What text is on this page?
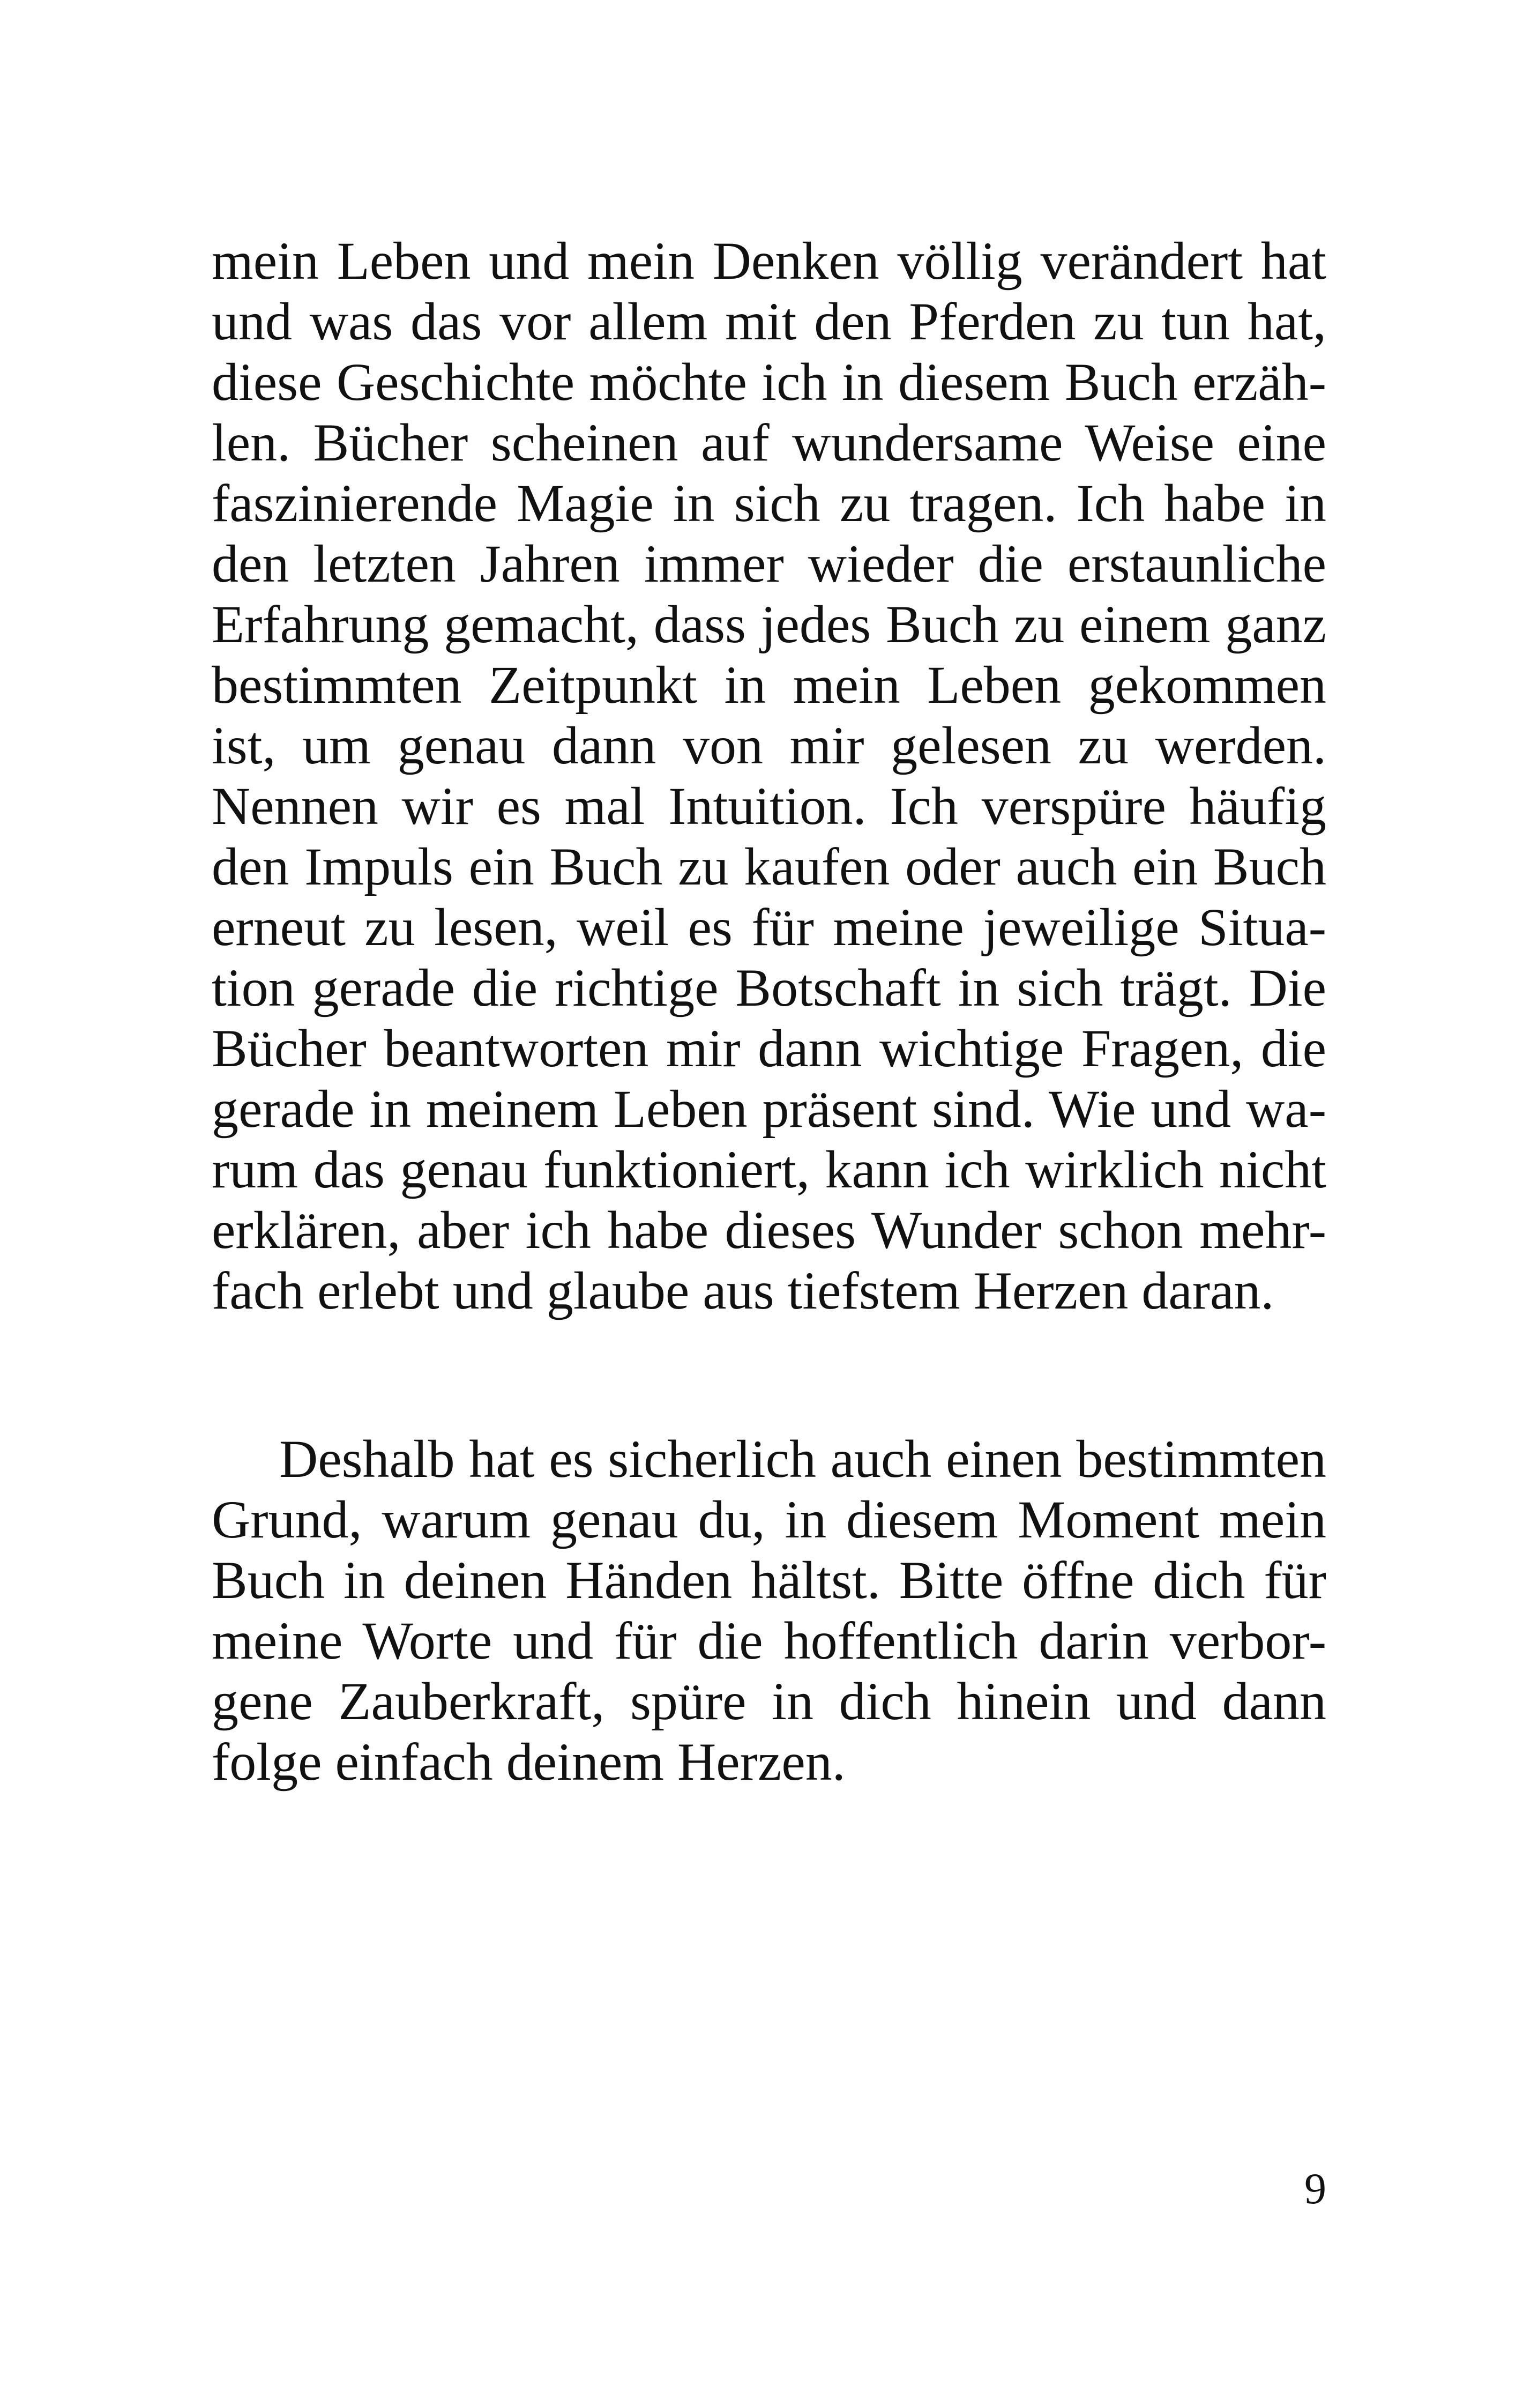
mein Leben und mein Denken völlig verändert hat
und was das vor allem mit den Pferden zu tun hat,
diese Geschichte möchte ich in diesem Buch erzäh-
len. Bücher scheinen auf wundersame Weise eine
faszinierende Magie in sich zu tragen. Ich habe in
den letzten Jahren immer wieder die erstaunliche
Erfahrung gemacht, dass jedes Buch zu einem ganz
bestimmten Zeitpunkt in mein Leben gekommen
ist, um genau dann von mir gelesen zu werden.
Nennen wir es mal Intuition. Ich verspüre häufig
den Impuls ein Buch zu kaufen oder auch ein Buch
erneut zu lesen, weil es für meine jeweilige Situa-
tion gerade die richtige Botschaft in sich trägt. Die
Bücher beantworten mir dann wichtige Fragen, die
gerade in meinem Leben präsent sind. Wie und wa-
rum das genau funktioniert, kann ich wirklich nicht
erklären, aber ich habe dieses Wunder schon mehr-
fach erlebt und glaube aus tiefstem Herzen daran.
Deshalb hat es sicherlich auch einen bestimmten
Grund, warum genau du, in diesem Moment mein
Buch in deinen Händen hältst. Bitte öffne dich für
meine Worte und für die hoffentlich darin verbor-
gene Zauberkraft, spüre in dich hinein und dann
folge einfach deinem Herzen.
9
